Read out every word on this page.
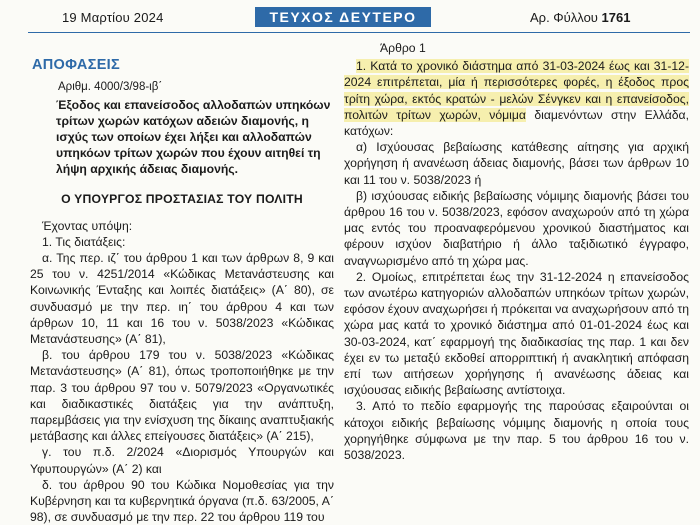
19 Μαρτίου 2024	ΤΕΥΧΟΣ ΔΕΥΤΕΡΟ	Αρ. Φύλλου 1761
ΑΠΟΦΑΣΕΙΣ

Αριθμ. 4000/3/98-ιβ΄

Έξοδος και επανείσοδος αλλοδαπών υπηκόων τρίτων χωρών κατόχων αδειών διαμονής, η ισχύς των οποίων έχει λήξει και αλλοδαπών υπηκόων τρίτων χωρών που έχουν αιτηθεί τη λήψη αρχικής άδειας διαμονής.

Ο ΥΠΟΥΡΓΟΣ ΠΡΟΣΤΑΣΙΑΣ ΤΟΥ ΠΟΛΙΤΗ

Έχοντας υπόψη:

1. Τις διατάξεις:

α. Της περ. ιζ΄ του άρθρου 1 και των άρθρων 8, 9 και 25 του ν. 4251/2014 «Κώδικας Μετανάστευσης και Κοινωνικής Ένταξης και λοιπές διατάξεις» (Α΄ 80), σε συνδυασμό με την περ. ιη΄ του άρθρου 4 και των άρθρων 10, 11 και 16 του ν. 5038/2023 «Κώδικας Μετανάστευσης» (Α΄ 81),

β. του άρθρου 179 του ν. 5038/2023 «Κώδικας Μετανάστευσης» (Α΄ 81), όπως τροποποιήθηκε με την παρ. 3 του άρθρου 97 του ν. 5079/2023 «Οργανωτικές και διαδικαστικές διατάξεις για την ανάπτυξη, παρεμβάσεις για την ενίσχυση της δίκαιης αναπτυξιακής μετάβασης και άλλες επείγουσες διατάξεις» (Α΄ 215),

γ. του π.δ. 2/2024 «Διορισμός Υπουργών και Υφυπουργών» (Α΄ 2) και

δ. του άρθρου 90 του Κώδικα Νομοθεσίας για την Κυβέρνηση και τα κυβερνητικά όργανα (π.δ. 63/2005, Α΄ 98), σε συνδυασμό με την περ. 22 του άρθρου 119 του

Άρθρο 1

1. Κατά το χρονικό διάστημα από 31-03-2024 έως και 31-12-2024 επιτρέπεται, μία ή περισσότερες φορές, η έξοδος προς τρίτη χώρα, εκτός κρατών - μελών Σένγκεν και η επανείσοδος, πολιτών τρίτων χωρών, νόμιμα διαμενόντων στην Ελλάδα, κατόχων:

α) Ισχύουσας βεβαίωσης κατάθεσης αίτησης για αρχική χορήγηση ή ανανέωση άδειας διαμονής, βάσει των άρθρων 10 και 11 του ν. 5038/2023 ή

β) ισχύουσας ειδικής βεβαίωσης νόμιμης διαμονής βάσει του άρθρου 16 του ν. 5038/2023, εφόσον αναχωρούν από τη χώρα μας εντός του προαναφερόμενου χρονικού διαστήματος και φέρουν ισχύον διαβατήριο ή άλλο ταξιδιωτικό έγγραφο, αναγνωρισμένο από τη χώρα μας.

2. Ομοίως, επιτρέπεται έως την 31-12-2024 η επανείσοδος των ανωτέρω κατηγοριών αλλοδαπών υπηκόων τρίτων χωρών, εφόσον έχουν αναχωρήσει ή πρόκειται να αναχωρήσουν από τη χώρα μας κατά το χρονικό διάστημα από 01-01-2024 έως και 30-03-2024, κατ΄ εφαρμογή της διαδικασίας της παρ. 1 και δεν έχει εν τω μεταξύ εκδοθεί απορριπτική ή ανακλητική απόφαση επί των αιτήσεων χορήγησης ή ανανέωσης άδειας και ισχύουσας ειδικής βεβαίωσης αντίστοιχα.

3. Από το πεδίο εφαρμογής της παρούσας εξαιρούνται οι κάτοχοι ειδικής βεβαίωσης νόμιμης διαμονής η οποία τους χορηγήθηκε σύμφωνα με την παρ. 5 του άρθρου 16 του ν. 5038/2023.
